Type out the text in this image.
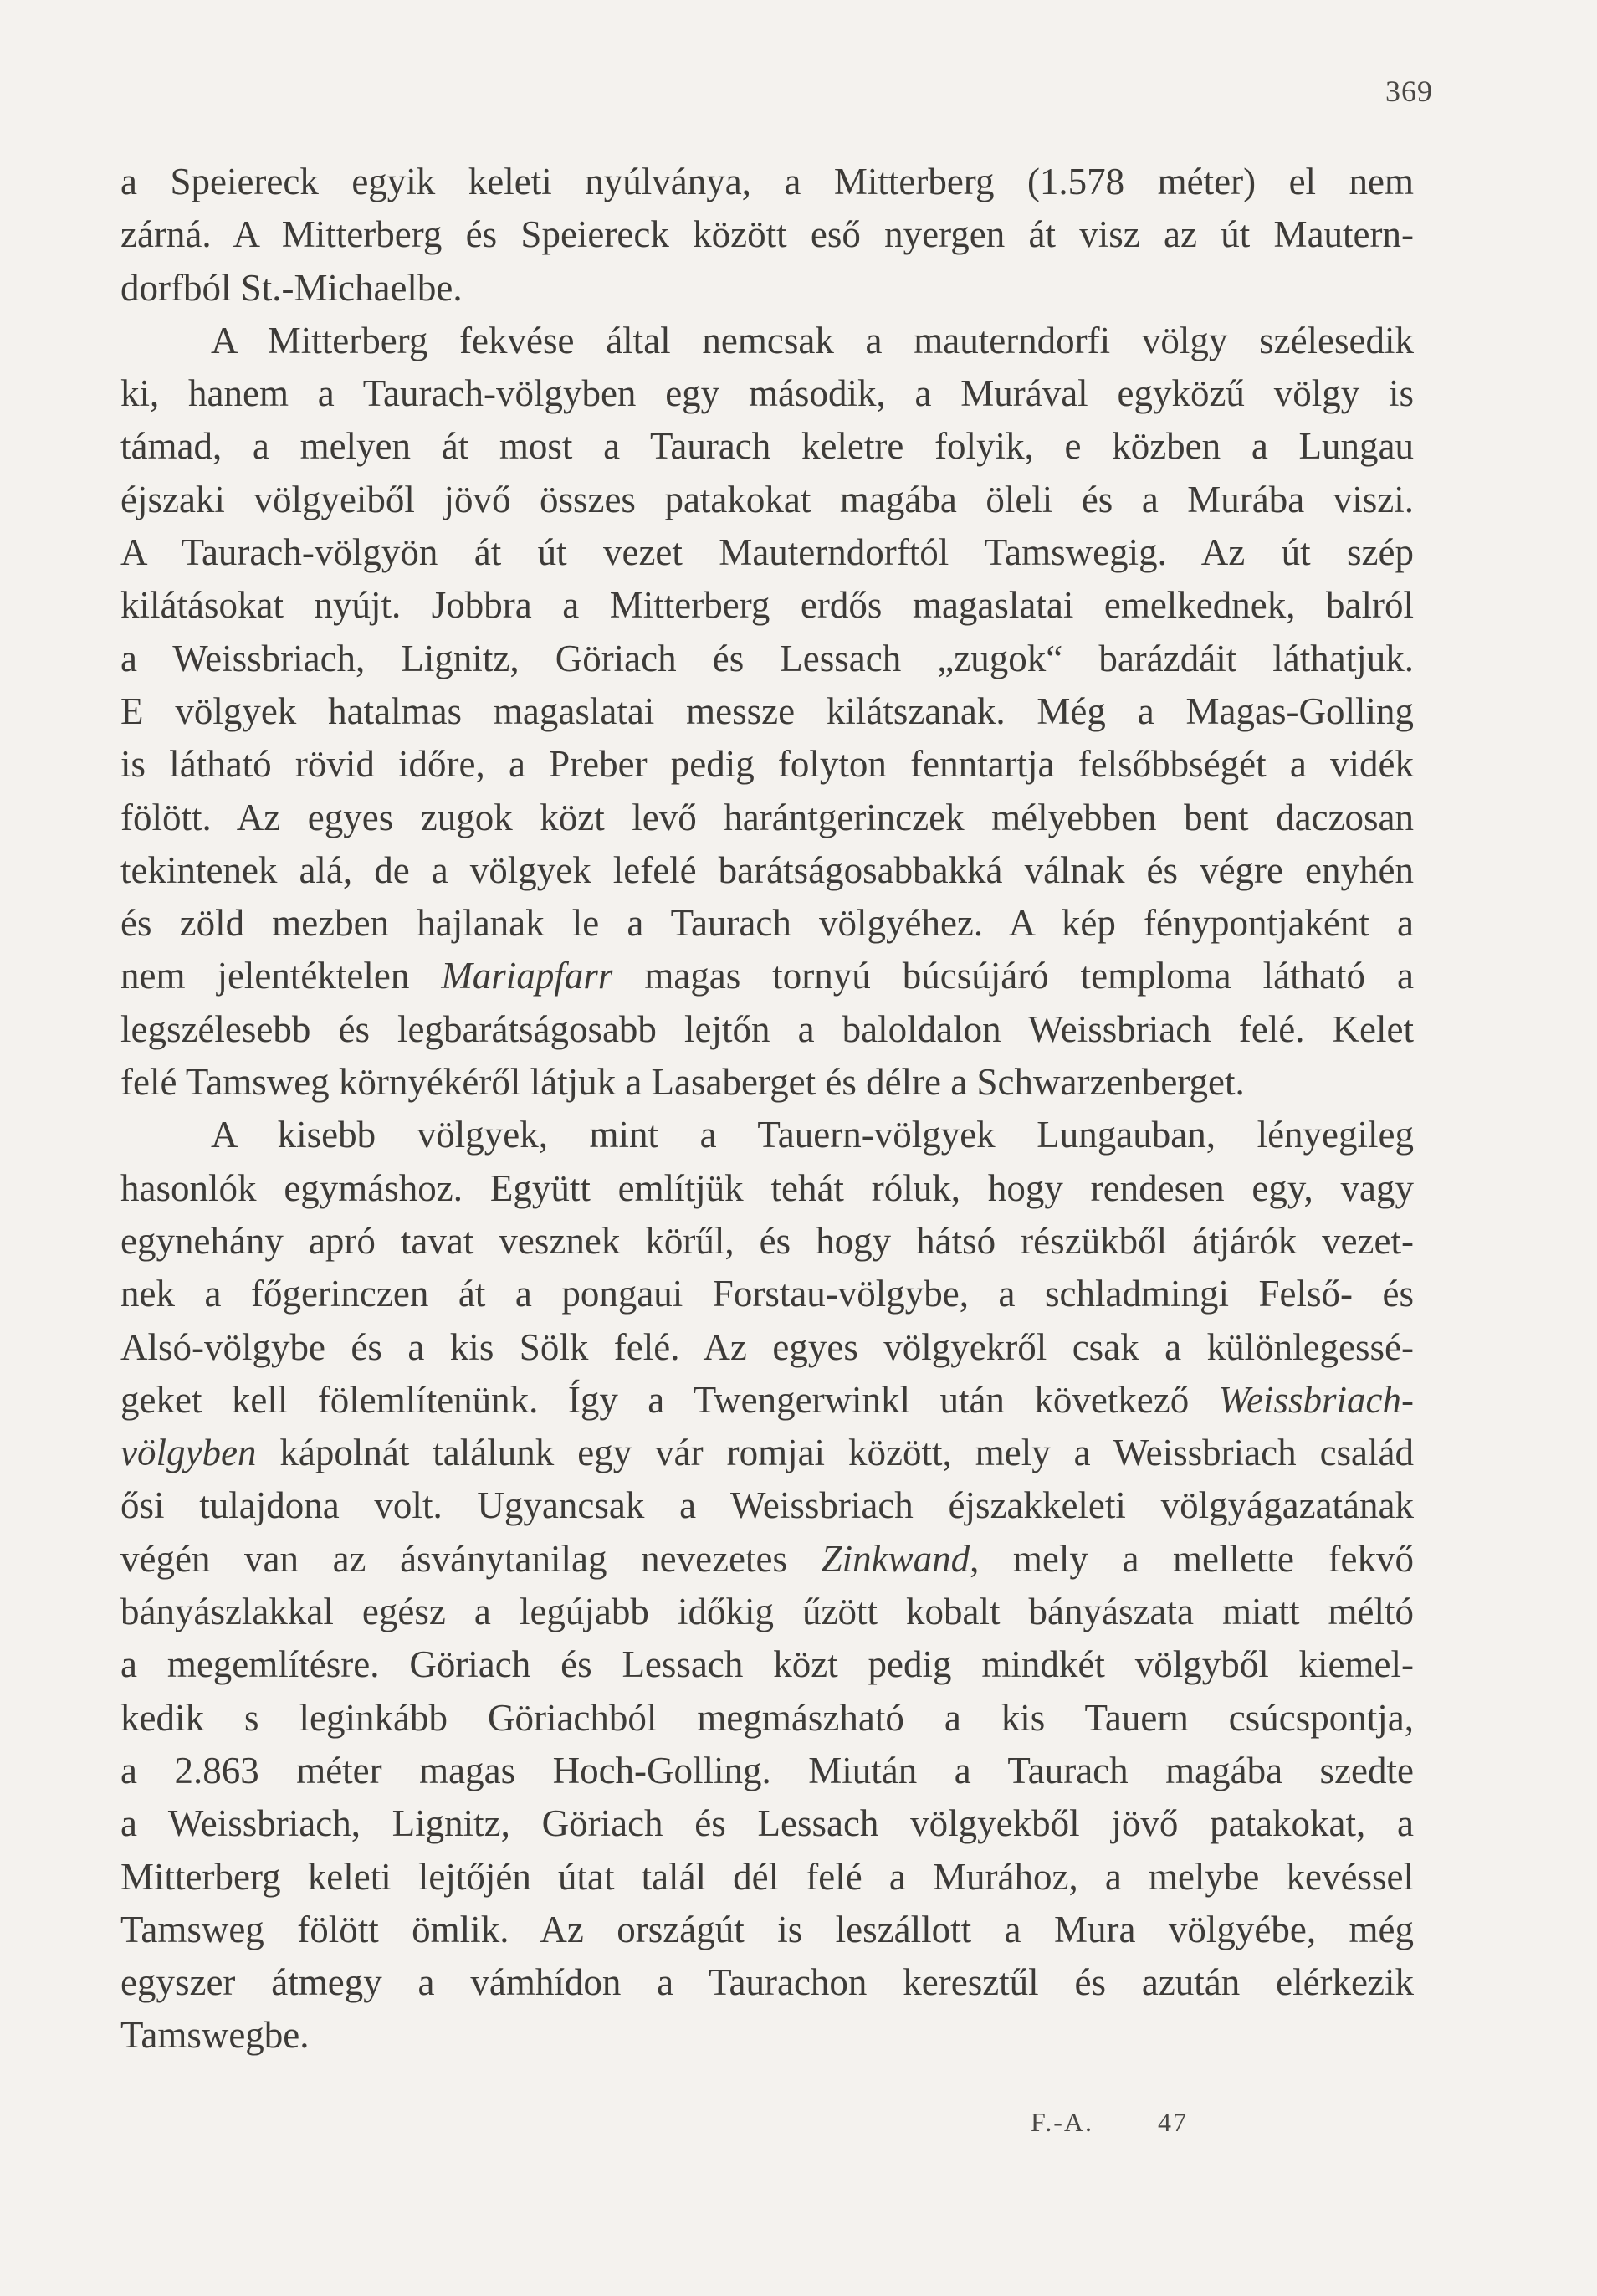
369
a Speiereck egyik keleti nyúlványa, a Mitterberg (1.578 méter) el nem
zárná. A Mitterberg és Speiereck között eső nyergen át visz az út Mautern-
dorfból St.-Michaelbe.
A Mitterberg fekvése által nemcsak a mauterndorfi völgy szélesedik
ki, hanem a Taurach-völgyben egy második, a Murával egyközű völgy is
támad, a melyen át most a Taurach keletre folyik, e közben a Lungau
éjszaki völgyeiből jövő összes patakokat magába öleli és a Murába viszi.
A Taurach-völgyön át út vezet Mauterndorftól Tamswegig. Az út szép
kilátásokat nyújt. Jobbra a Mitterberg erdős magaslatai emelkednek, balról
a Weissbriach, Lignitz, Göriach és Lessach „zugok“ barázdáit láthatjuk.
E völgyek hatalmas magaslatai messze kilátszanak. Még a Magas-Golling
is látható rövid időre, a Preber pedig folyton fenntartja felsőbbségét a vidék
fölött. Az egyes zugok közt levő harántgerinczek mélyebben bent daczosan
tekintenek alá, de a völgyek lefelé barátságosabbakká válnak és végre enyhén
és zöld mezben hajlanak le a Taurach völgyéhez. A kép fénypontjaként a
nem jelentéktelen Mariapfarr magas tornyú búcsújáró temploma látható a
legszélesebb és legbarátságosabb lejtőn a baloldalon Weissbriach felé. Kelet
felé Tamsweg környékéről látjuk a Lasaberget és délre a Schwarzenberget.
A kisebb völgyek, mint a Tauern-völgyek Lungauban, lényegileg
hasonlók egymáshoz. Együtt említjük tehát róluk, hogy rendesen egy, vagy
egynehány apró tavat vesznek körűl, és hogy hátsó részükből átjárók vezet-
nek a főgerinczen át a pongaui Forstau-völgybe, a schladmingi Felső- és
Alsó-völgybe és a kis Sölk felé. Az egyes völgyekről csak a különlegessé-
geket kell fölemlítenünk. Így a Twengerwinkl után következő Weissbriach-
völgyben kápolnát találunk egy vár romjai között, mely a Weissbriach család
ősi tulajdona volt. Ugyancsak a Weissbriach éjszakkeleti völgyágazatának
végén van az ásványtanilag nevezetes Zinkwand, mely a mellette fekvő
bányászlakkal egész a legújabb időkig űzött kobalt bányászata miatt méltó
a megemlítésre. Göriach és Lessach közt pedig mindkét völgyből kiemel-
kedik s leginkább Göriachból megmászható a kis Tauern csúcspontja,
a 2.863 méter magas Hoch-Golling. Miután a Taurach magába szedte
a Weissbriach, Lignitz, Göriach és Lessach völgyekből jövő patakokat, a
Mitterberg keleti lejtőjén útat talál dél felé a Murához, a melybe kevéssel
Tamsweg fölött ömlik. Az országút is leszállott a Mura völgyébe, még
egyszer átmegy a vámhídon a Taurachon keresztűl és azután elérkezik
Tamswegbe.
F.-A. 47
